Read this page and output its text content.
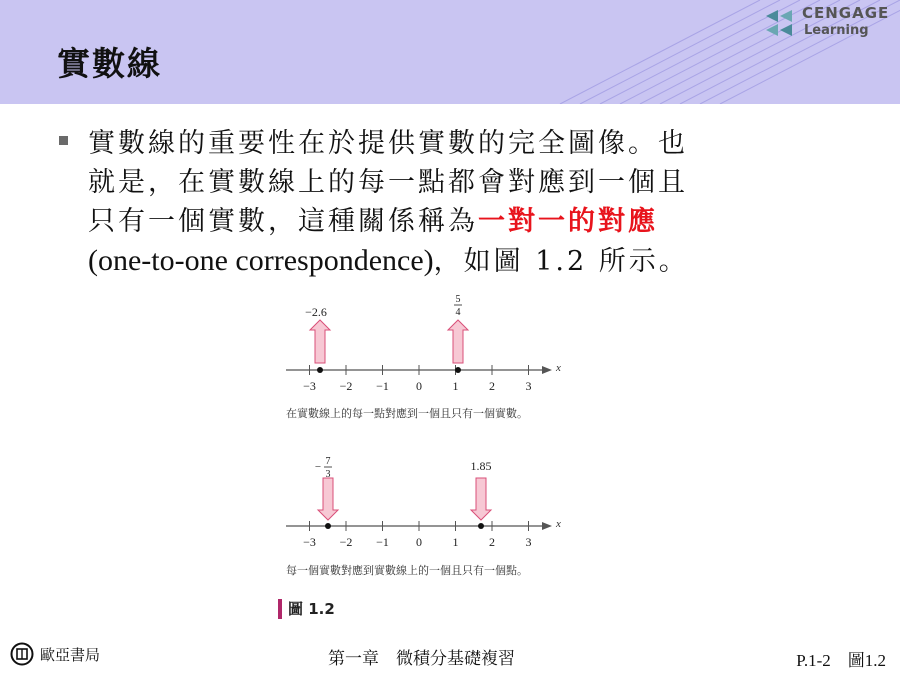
實數線
CENGAGE
Learning
實數線的重要性在於提供實數的完全圖像。也
就是，在實數線上的每一點都會對應到一個且
只有一個實數，這種關係稱為一對一的對應
(one-to-one correspondence)，如圖 1.2 所示。
x
−3 −2 −1 0	1	2	3
−2.6
5
4
x
−3 −2 −1 0	1	2	3
− 7
3
1.85
在實數線上的每一點對應到一個且只有一個實數。
每一個實數對應到實數線上的一個且只有一個點。
圖 1.2
歐亞書局	第一章　微積分基礎複習	P.1-2　圖1.2
